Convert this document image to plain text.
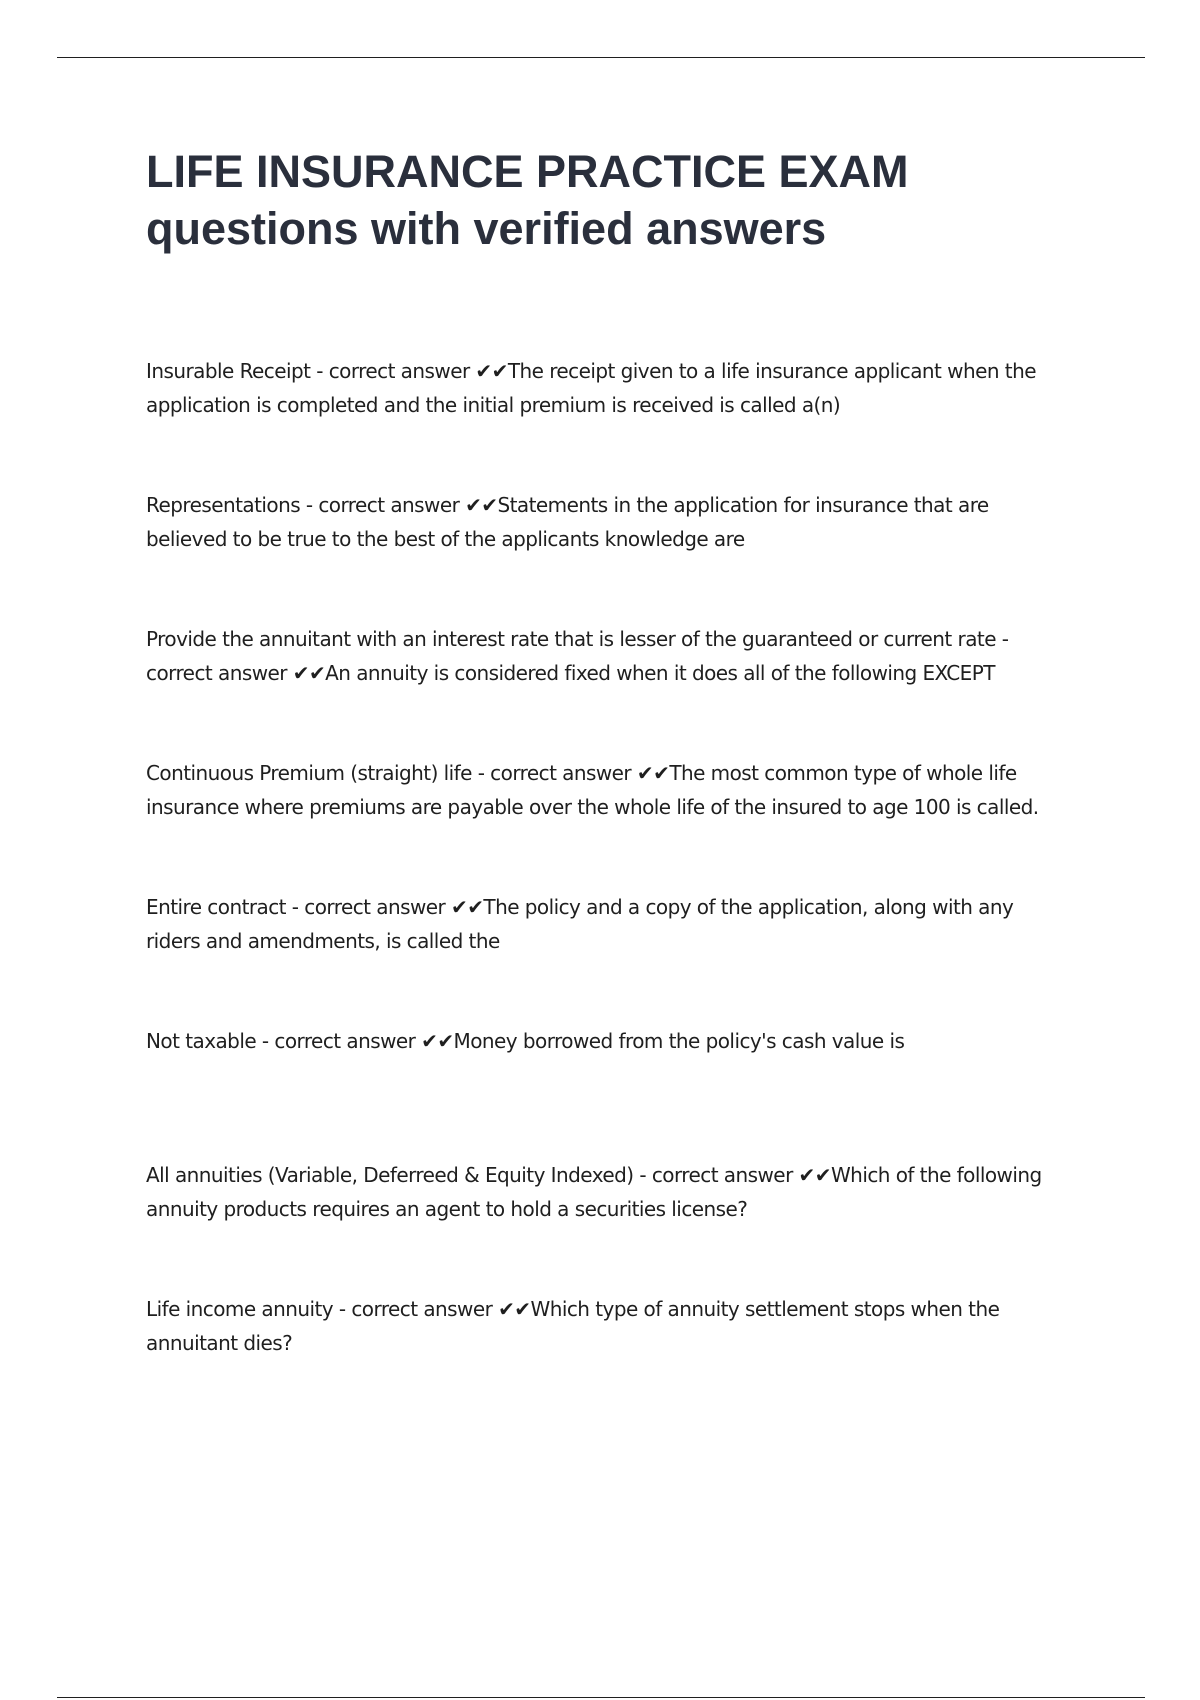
LIFE INSURANCE PRACTICE EXAM
questions with verified answers
Insurable Receipt - correct answer ✔✔The receipt given to a life insurance applicant when the
application is completed and the initial premium is received is called a(n)
Representations - correct answer ✔✔Statements in the application for insurance that are
believed to be true to the best of the applicants knowledge are
Provide the annuitant with an interest rate that is lesser of the guaranteed or current rate -
correct answer ✔✔An annuity is considered fixed when it does all of the following EXCEPT
Continuous Premium (straight) life - correct answer ✔✔The most common type of whole life
insurance where premiums are payable over the whole life of the insured to age 100 is called.
Entire contract - correct answer ✔✔The policy and a copy of the application, along with any
riders and amendments, is called the
Not taxable - correct answer ✔✔Money borrowed from the policy's cash value is
All annuities (Variable, Deferreed & Equity Indexed) - correct answer ✔✔Which of the following
annuity products requires an agent to hold a securities license?
Life income annuity - correct answer ✔✔Which type of annuity settlement stops when the
annuitant dies?
